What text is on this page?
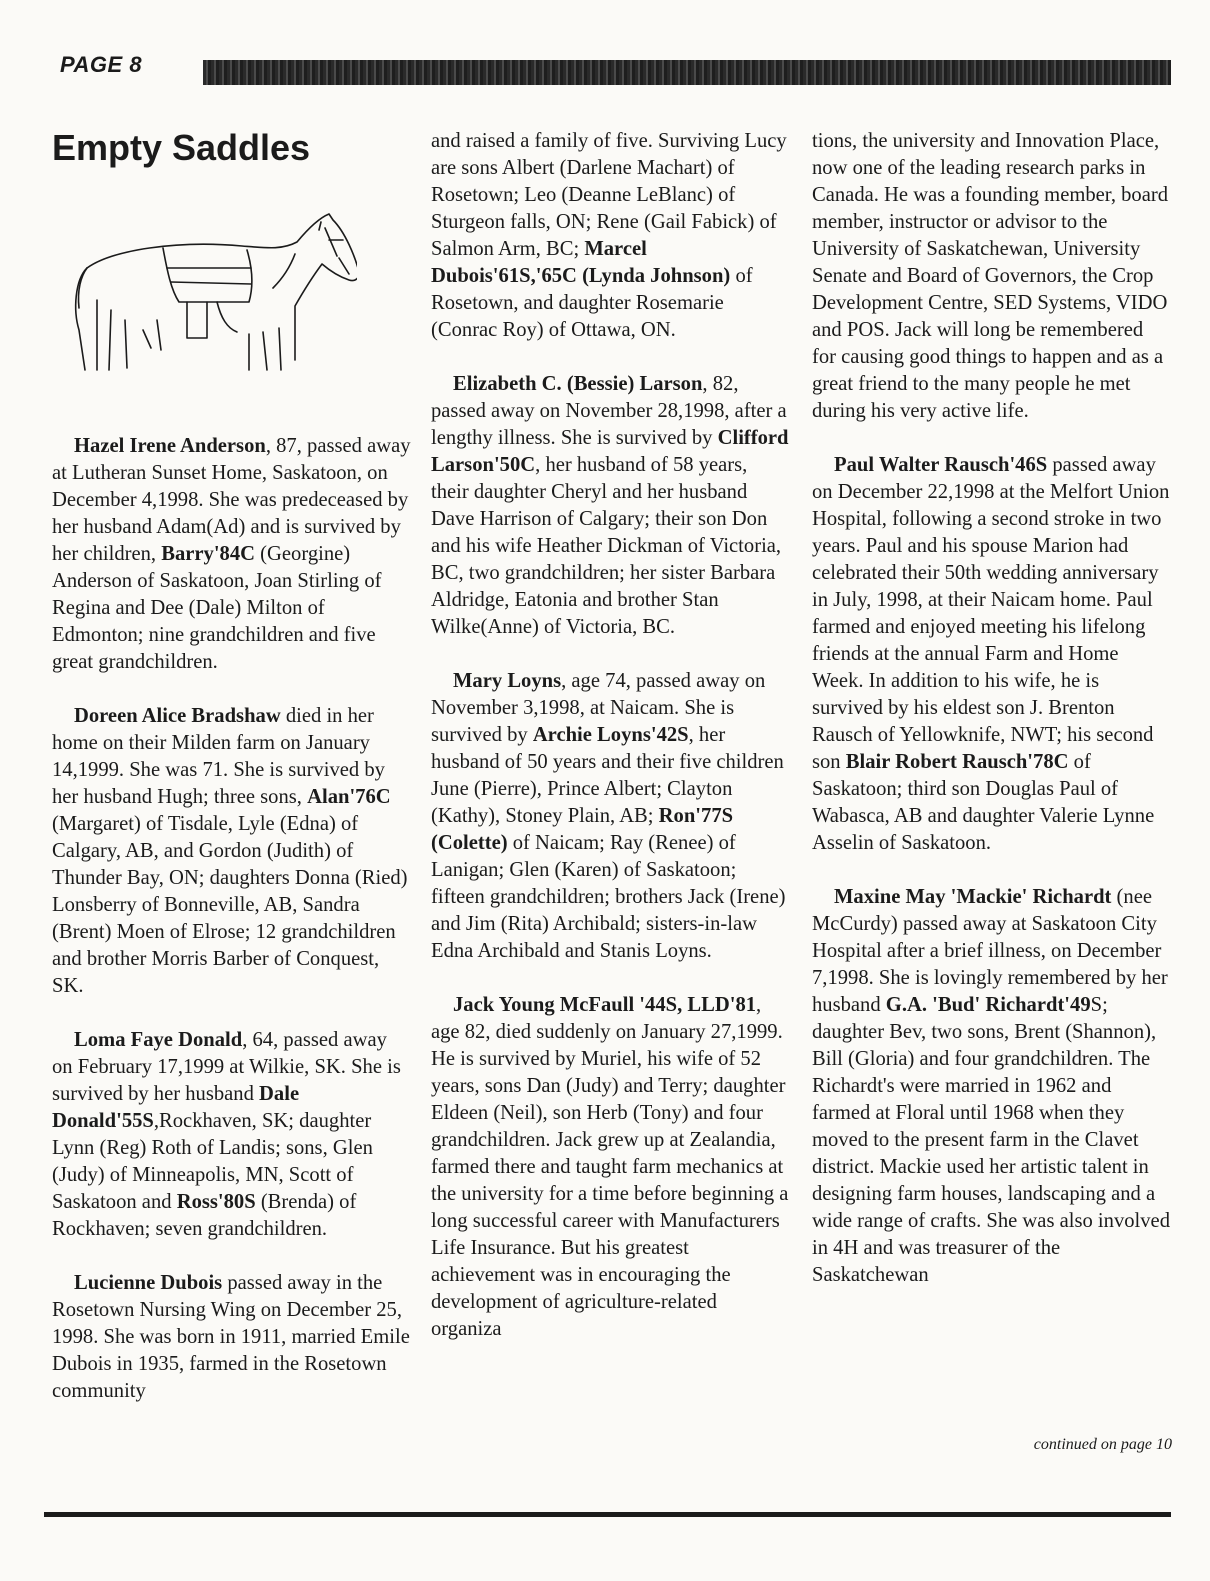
PAGE 8
Empty Saddles

Hazel Irene Anderson, 87, passed away at Lutheran Sunset Home, Saskatoon, on December 4,1998. She was predeceased by her husband Adam(Ad) and is survived by her children, Barry'84C (Georgine) Anderson of Saskatoon, Joan Stirling of Regina and Dee (Dale) Milton of Edmonton; nine grandchildren and five great grandchildren.

Doreen Alice Bradshaw died in her home on their Milden farm on January 14,1999. She was 71. She is survived by her husband Hugh; three sons, Alan'76C (Margaret) of Tisdale, Lyle (Edna) of Calgary, AB, and Gordon (Judith) of Thunder Bay, ON; daughters Donna (Ried) Lonsberry of Bonneville, AB, Sandra (Brent) Moen of Elrose; 12 grandchildren and brother Morris Barber of Conquest, SK.

Loma Faye Donald, 64, passed away on February 17,1999 at Wilkie, SK. She is survived by her husband Dale Donald'55S,Rockhaven, SK; daughter Lynn (Reg) Roth of Landis; sons, Glen (Judy) of Minneapolis, MN, Scott of Saskatoon and Ross'80S (Brenda) of Rockhaven; seven grandchildren.

Lucienne Dubois passed away in the Rosetown Nursing Wing on December 25, 1998. She was born in 1911, married Emile Dubois in 1935, farmed in the Rosetown community

and raised a family of five. Surviving Lucy are sons Albert (Darlene Machart) of Rosetown; Leo (Deanne LeBlanc) of Sturgeon falls, ON; Rene (Gail Fabick) of Salmon Arm, BC; Marcel Dubois'61S,'65C (Lynda Johnson) of Rosetown, and daughter Rosemarie (Conrac Roy) of Ottawa, ON.

Elizabeth C. (Bessie) Larson, 82, passed away on November 28,1998, after a lengthy illness. She is survived by Clifford Larson'50C, her husband of 58 years, their daughter Cheryl and her husband Dave Harrison of Calgary; their son Don and his wife Heather Dickman of Victoria, BC, two grandchildren; her sister Barbara Aldridge, Eatonia and brother Stan Wilke(Anne) of Victoria, BC.

Mary Loyns, age 74, passed away on November 3,1998, at Naicam. She is survived by Archie Loyns'42S, her husband of 50 years and their five children June (Pierre), Prince Albert; Clayton (Kathy), Stoney Plain, AB; Ron'77S (Colette) of Naicam; Ray (Renee) of Lanigan; Glen (Karen) of Saskatoon; fifteen grandchildren; brothers Jack (Irene) and Jim (Rita) Archibald; sisters-in-law Edna Archibald and Stanis Loyns.

Jack Young McFaull '44S, LLD'81, age 82, died suddenly on January 27,1999. He is survived by Muriel, his wife of 52 years, sons Dan (Judy) and Terry; daughter Eldeen (Neil), son Herb (Tony) and four grandchildren. Jack grew up at Zealandia, farmed there and taught farm mechanics at the university for a time before beginning a long successful career with Manufacturers Life Insurance. But his greatest achievement was in encouraging the development of agriculture-related organiza

tions, the university and Innovation Place, now one of the leading research parks in Canada. He was a founding member, board member, instructor or advisor to the University of Saskatchewan, University Senate and Board of Governors, the Crop Development Centre, SED Systems, VIDO and POS. Jack will long be remembered for causing good things to happen and as a great friend to the many people he met during his very active life.

Paul Walter Rausch'46S passed away on December 22,1998 at the Melfort Union Hospital, following a second stroke in two years. Paul and his spouse Marion had celebrated their 50th wedding anniversary in July, 1998, at their Naicam home. Paul farmed and enjoyed meeting his lifelong friends at the annual Farm and Home Week. In addition to his wife, he is survived by his eldest son J. Brenton Rausch of Yellowknife, NWT; his second son Blair Robert Rausch'78C of Saskatoon; third son Douglas Paul of Wabasca, AB and daughter Valerie Lynne Asselin of Saskatoon.

Maxine May 'Mackie' Richardt (nee McCurdy) passed away at Saskatoon City Hospital after a brief illness, on December 7,1998. She is lovingly remembered by her husband G.A. 'Bud' Richardt'49S; daughter Bev, two sons, Brent (Shannon), Bill (Gloria) and four grandchildren. The Richardt's were married in 1962 and farmed at Floral until 1968 when they moved to the present farm in the Clavet district. Mackie used her artistic talent in designing farm houses, landscaping and a wide range of crafts. She was also involved in 4H and was treasurer of the Saskatchewan

continued on page 10
